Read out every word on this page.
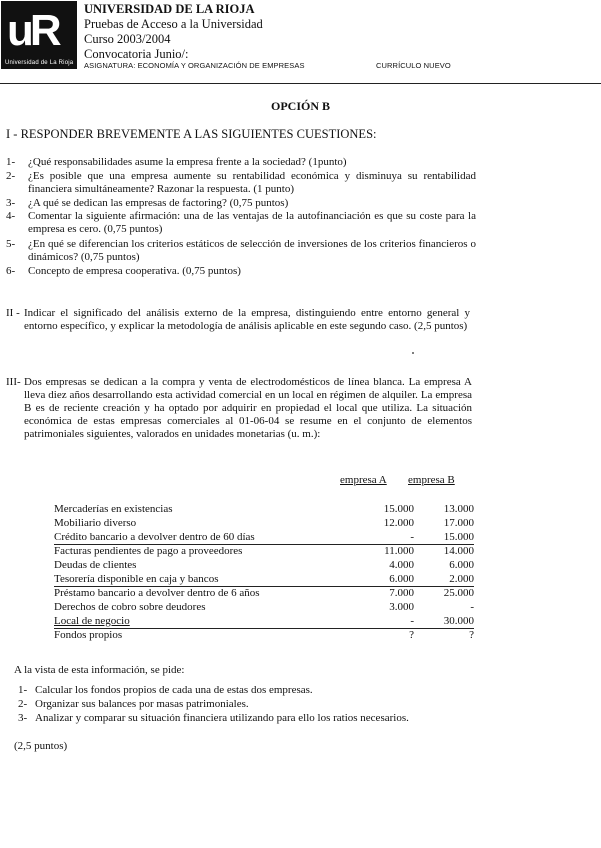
uR
Universidad de La Rioja
UNIVERSIDAD DE LA RIOJA
Pruebas de Acceso a la Universidad
Curso 2003/2004
Convocatoria Junio/:
ASIGNATURA: ECONOMÍA Y ORGANIZACIÓN DE EMPRESAS	CURRÍCULO NUEVO
OPCIÓN B
I - RESPONDER BREVEMENTE A LAS SIGUIENTES CUESTIONES:
1- ¿Qué responsabilidades asume la empresa frente a la sociedad? (1punto)
2- ¿Es posible que una empresa aumente su rentabilidad económica y disminuya su rentabilidad financiera simultáneamente? Razonar la respuesta. (1 punto)
3- ¿A qué se dedican las empresas de factoring? (0,75 puntos)
4- Comentar la siguiente afirmación: una de las ventajas de la autofinanciación es que su coste para la empresa es cero. (0,75 puntos)
5- ¿En qué se diferencian los criterios estáticos de selección de inversiones de los criterios financieros o dinámicos? (0,75 puntos)
6- Concepto de empresa cooperativa. (0,75 puntos)
II - Indicar el significado del análisis externo de la empresa, distinguiendo entre entorno general y entorno específico, y explicar la metodología de análisis aplicable en este segundo caso. (2,5 puntos)
III- Dos empresas se dedican a la compra y venta de electrodomésticos de línea blanca. La empresa A lleva diez años desarrollando esta actividad comercial en un local en régimen de alquiler. La empresa B es de reciente creación y ha optado por adquirir en propiedad el local que utiliza. La situación económica de estas empresas comerciales al 01-06-04 se resume en el conjunto de elementos patrimoniales siguientes, valorados en unidades monetarias (u. m.):
empresa A empresa B
Mercaderías en existencias	15.000	13.000
Mobiliario diverso	12.000	17.000
Crédito bancario a devolver dentro de 60 días	-	15.000
Facturas pendientes de pago a proveedores	11.000	14.000
Deudas de clientes	4.000	6.000
Tesorería disponible en caja y bancos	6.000	2.000
Préstamo bancario a devolver dentro de 6 años	7.000	25.000
Derechos de cobro sobre deudores	3.000	-
Local de negocio	-	30.000
Fondos propios	?	?
A la vista de esta información, se pide:
1- Calcular los fondos propios de cada una de estas dos empresas.
2- Organizar sus balances por masas patrimoniales.
3- Analizar y comparar su situación financiera utilizando para ello los ratios necesarios.
(2,5 puntos)
